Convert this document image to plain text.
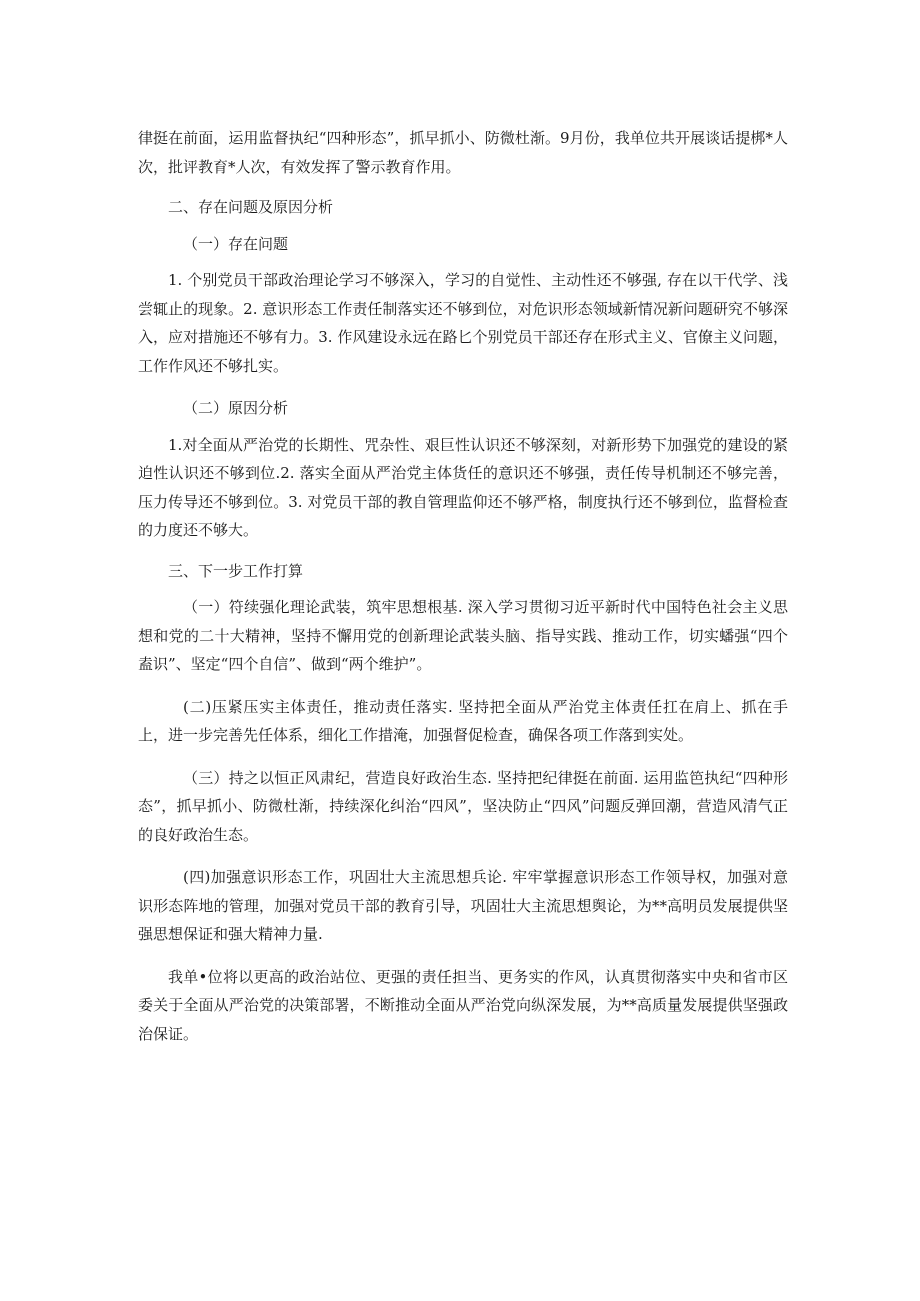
律挺在前面，运用监督执纪“四种形态”，抓早抓小、防微杜渐。9月份，我单位共开展谈话提梆*人次，批评教育*人次，有效发挥了警示教育作用。

二、存在问题及原因分析

（一）存在问题

1. 个别党员干部政治理论学习不够深入，学习的自觉性、主动性还不够强, 存在以干代学、浅尝辄止的现象。2. 意识形态工作责任制落实还不够到位，对危识形态领域新情况新问题研究不够深入，应对措施还不够有力。3. 作风建设永远在路匕个别党员干部还存在形式主义、官僚主义问题，工作作风还不够扎实。

（二）原因分析

1.对全面从严治党的长期性、咒杂性、艰巨性认识还不够深刻，对新形势下加强党的建设的紧迫性认识还不够到位.2. 落实全面从严治党主体货任的意识还不够强，责任传导机制还不够完善，压力传导还不够到位。3. 对党员干部的教自管理监仰还不够严格，制度执行还不够到位，监督检查的力度还不够大。

三、下一步工作打算

（一）符续强化理论武装，筑牢思想根基. 深入学习贯彻习近平新时代中国特色社会主义思想和党的二十大精神，坚持不懈用党的创新理论武装头脑、指导实践、推动工作，切实蟠强“四个盍识”、坚定“四个自信”、做到“两个维护”。

(二)压紧压实主体责任，推动责任落实. 坚持把全面从严治党主体责任扛在肩上、抓在手上，进一步完善先任体系，细化工作措淹，加强督促检查，确保各项工作落到实处。

（三）持之以恒正风肃纪，营造良好政治生态. 坚持把纪律挺在前面. 运用监笆执纪“四种形态”，抓早抓小、防微杜渐，持续深化纠治“四风”，坚决防止“四风”问题反弹回潮，营造风清气正的良好政治生态。

(四)加强意识形态工作，巩固壮大主流思想兵论. 牢牢掌握意识形态工作领导权，加强对意识形态阵地的管理，加强对党员干部的教育引导，巩固壮大主流思想舆论，为**高明员发展提供坚强思想保证和强大精神力量.

我单•位将以更高的政治站位、更强的责任担当、更务实的作风，认真贯彻落实中央和省市区委关于全面从严治党的决策部署，不断推动全面从严治党向纵深发展，为**高质量发展提供坚强政治保证。
